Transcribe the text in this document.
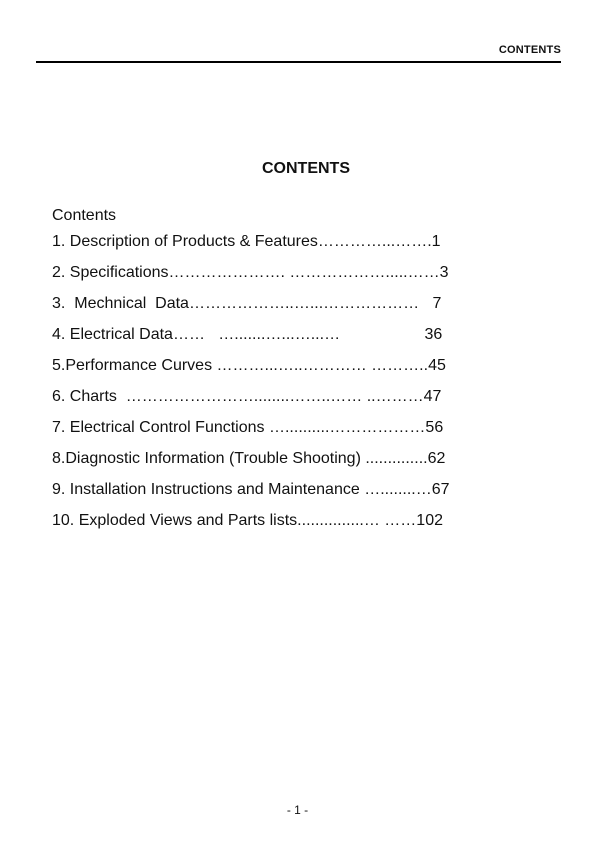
CONTENTS
CONTENTS
Contents
1. Description of Products & Features…………...…….1
2. Specifications…………………. ……………….....……3
3.  Mechnical  Data………………..…...………………   7
4. Electrical Data……   ….......…...…...…                   36
5.Performance Curves ………...…..………… ………..45
6. Charts  ……………………........……..…… ..………47
7. Electrical Control Functions …..........………………56
8.Diagnostic Information (Trouble Shooting) ..............62
9. Installation Instructions and Maintenance …........…67
10. Exploded Views and Parts lists...............… ……102
- 1 -
